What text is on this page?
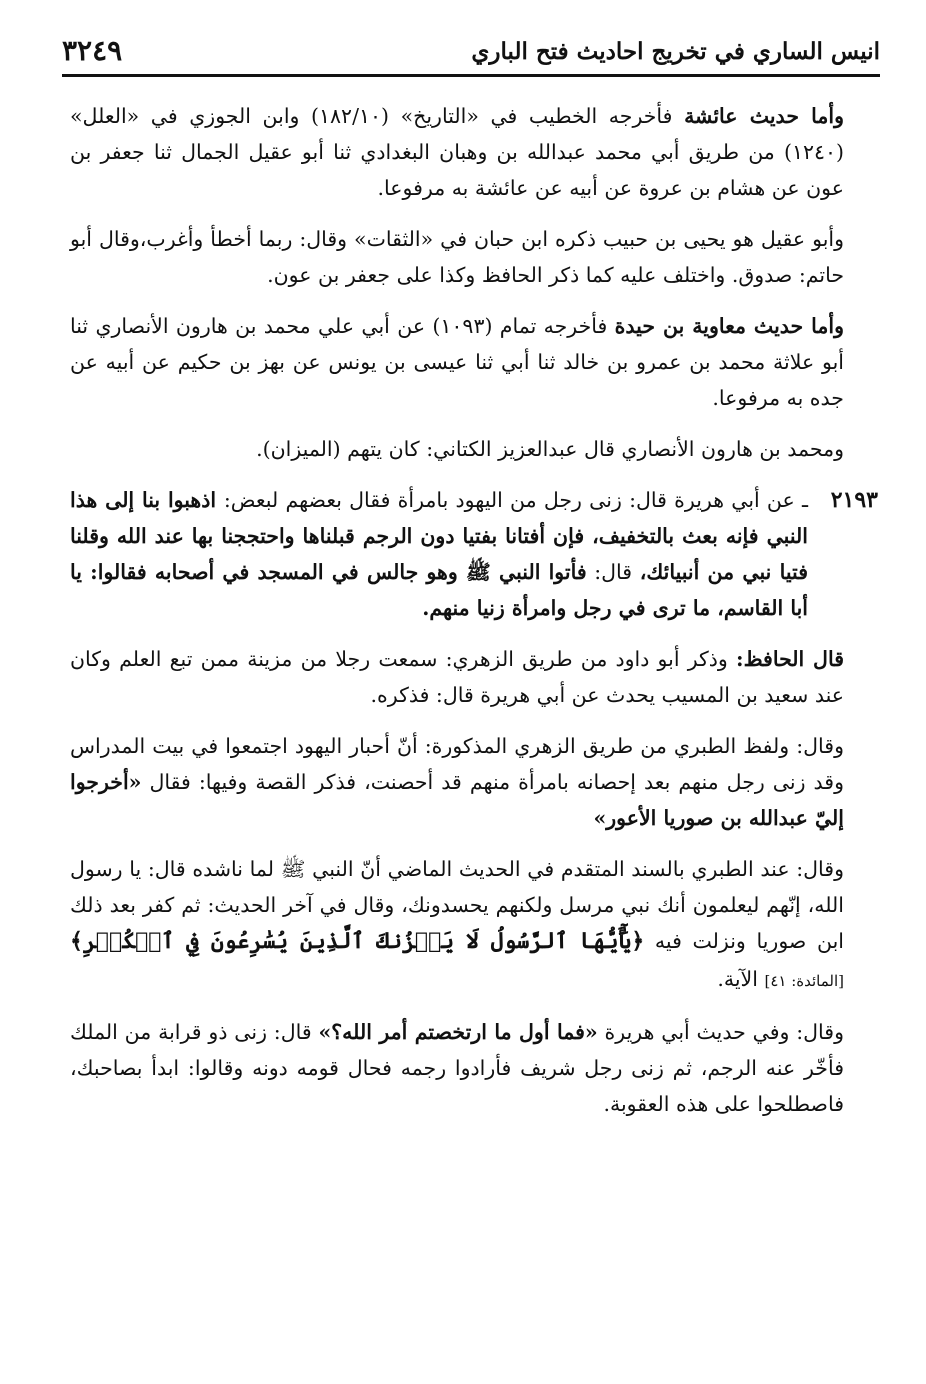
انيس الساري في تخريج احاديث فتح الباري
٣٢٤٩

وأما حديث عائشة فأخرجه الخطيب في «التاريخ» (١٨٢/١٠) وابن الجوزي في «العلل» (١٢٤٠) من طريق أبي محمد عبدالله بن وهبان البغدادي ثنا أبو عقيل الجمال ثنا جعفر بن عون عن هشام بن عروة عن أبيه عن عائشة به مرفوعا.

وأبو عقيل هو يحيى بن حبيب ذكره ابن حبان في «الثقات» وقال: ربما أخطأ وأغرب،وقال أبو حاتم: صدوق. واختلف عليه كما ذكر الحافظ وكذا على جعفر بن عون.

وأما حديث معاوية بن حيدة فأخرجه تمام (١٠٩٣) عن أبي علي محمد بن هارون الأنصاري ثنا أبو علاثة محمد بن عمرو بن خالد ثنا أبي ثنا عيسى بن يونس عن بهز بن حكيم عن أبيه عن جده به مرفوعا.

ومحمد بن هارون الأنصاري قال عبدالعزيز الكتاني: كان يتهم (الميزان).

٢١٩٣
ـ عن أبي هريرة قال: زنى رجل من اليهود بامرأة فقال بعضهم لبعض: اذهبوا بنا إلى هذا النبي فإنه بعث بالتخفيف، فإن أفتانا بفتيا دون الرجم قبلناها واحتججنا بها عند الله وقلنا فتيا نبي من أنبيائك، قال: فأتوا النبي ﷺ وهو جالس في المسجد في أصحابه فقالوا: يا أبا القاسم، ما ترى في رجل وامرأة زنيا منهم.

قال الحافظ: وذكر أبو داود من طريق الزهري: سمعت رجلا من مزينة ممن تبع العلم وكان عند سعيد بن المسيب يحدث عن أبي هريرة قال: فذكره.

وقال: ولفظ الطبري من طريق الزهري المذكورة: أنّ أحبار اليهود اجتمعوا في بيت المدراس وقد زنى رجل منهم بعد إحصانه بامرأة منهم قد أحصنت، فذكر القصة وفيها: فقال «أخرجوا إليّ عبدالله بن صوريا الأعور»

وقال: عند الطبري بالسند المتقدم في الحديث الماضي أنّ النبي ﷺ لما ناشده قال: يا رسول الله، إنّهم ليعلمون أنك نبي مرسل ولكنهم يحسدونك، وقال في آخر الحديث: ثم كفر بعد ذلك ابن صوريا ونزلت فيه ﴿يَٰٓأَيُّهَا ٱلرَّسُولُ لَا يَحۡزُنكَ ٱلَّذِينَ يُسَٰرِعُونَ فِي ٱلۡكُفۡرِ﴾ [المائدة: ٤١] الآية.

وقال: وفي حديث أبي هريرة «فما أول ما ارتخصتم أمر الله؟» قال: زنى ذو قرابة من الملك فأخّر عنه الرجم، ثم زنى رجل شريف فأرادوا رجمه فحال قومه دونه وقالوا: ابدأ بصاحبك، فاصطلحوا على هذه العقوبة.
